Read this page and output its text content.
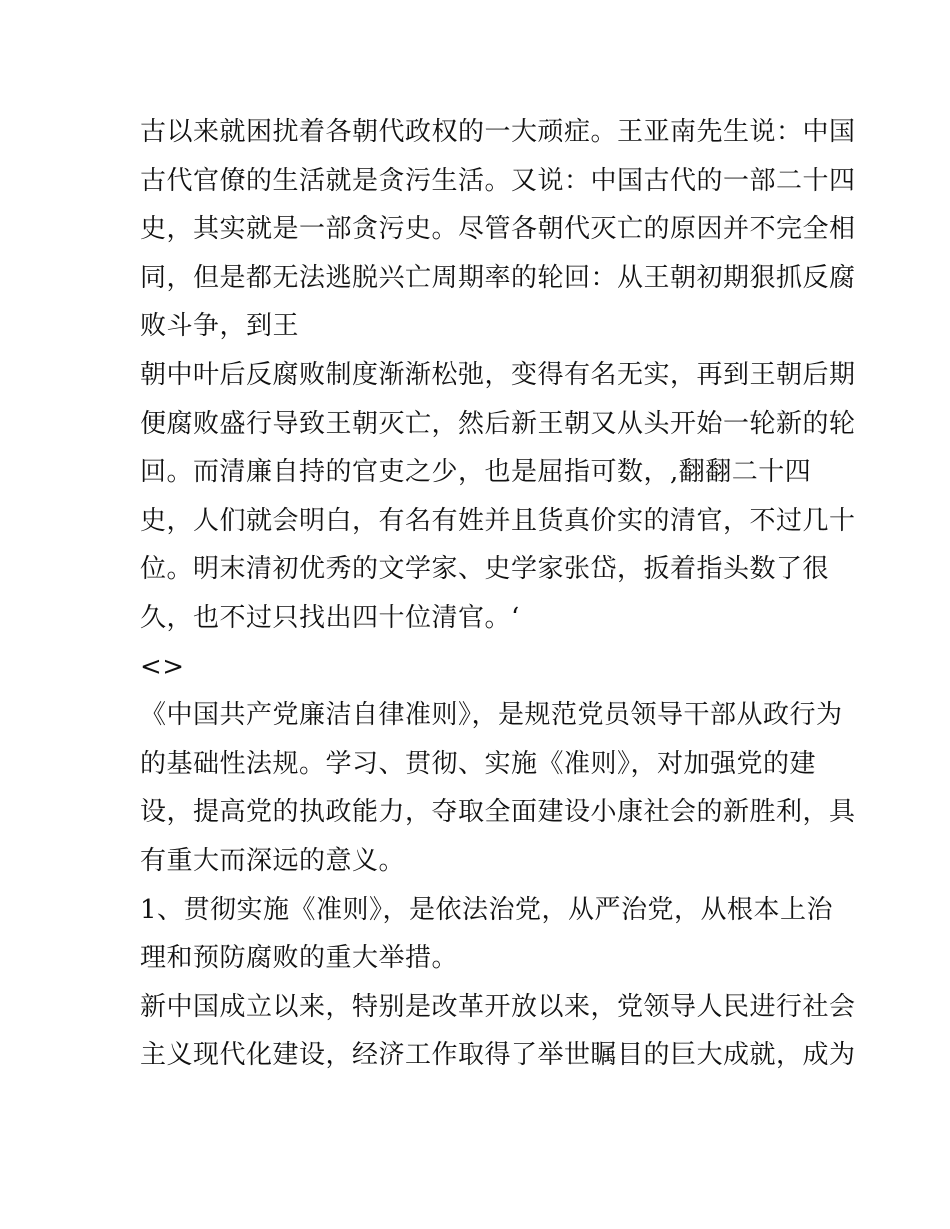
古以来就困扰着各朝代政权的一大顽症。王亚南先生说：中国
古代官僚的生活就是贪污生活。又说：中国古代的一部二十四
史，其实就是一部贪污史。尽管各朝代灭亡的原因并不完全相
同，但是都无法逃脱兴亡周期率的轮回：从王朝初期狠抓反腐
败斗争，到王
朝中叶后反腐败制度渐渐松弛，变得有名无实，再到王朝后期
便腐败盛行导致王朝灭亡，然后新王朝又从头开始一轮新的轮
回。而清廉自持的官吏之少，也是屈指可数，,翻翻二十四
史，人们就会明白，有名有姓并且货真价实的清官，不过几十
位。明末清初优秀的文学家、史学家张岱，扳着指头数了很
久，也不过只找出四十位清官。‘
<>
《中国共产党廉洁自律准则》，是规范党员领导干部从政行为
的基础性法规。学习、贯彻、实施《准则》，对加强党的建
设，提高党的执政能力，夺取全面建设小康社会的新胜利，具
有重大而深远的意义。
1、贯彻实施《准则》，是依法治党，从严治党，从根本上治
理和预防腐败的重大举措。
新中国成立以来，特别是改革开放以来，党领导人民进行社会
主义现代化建设，经济工作取得了举世瞩目的巨大成就，成为
